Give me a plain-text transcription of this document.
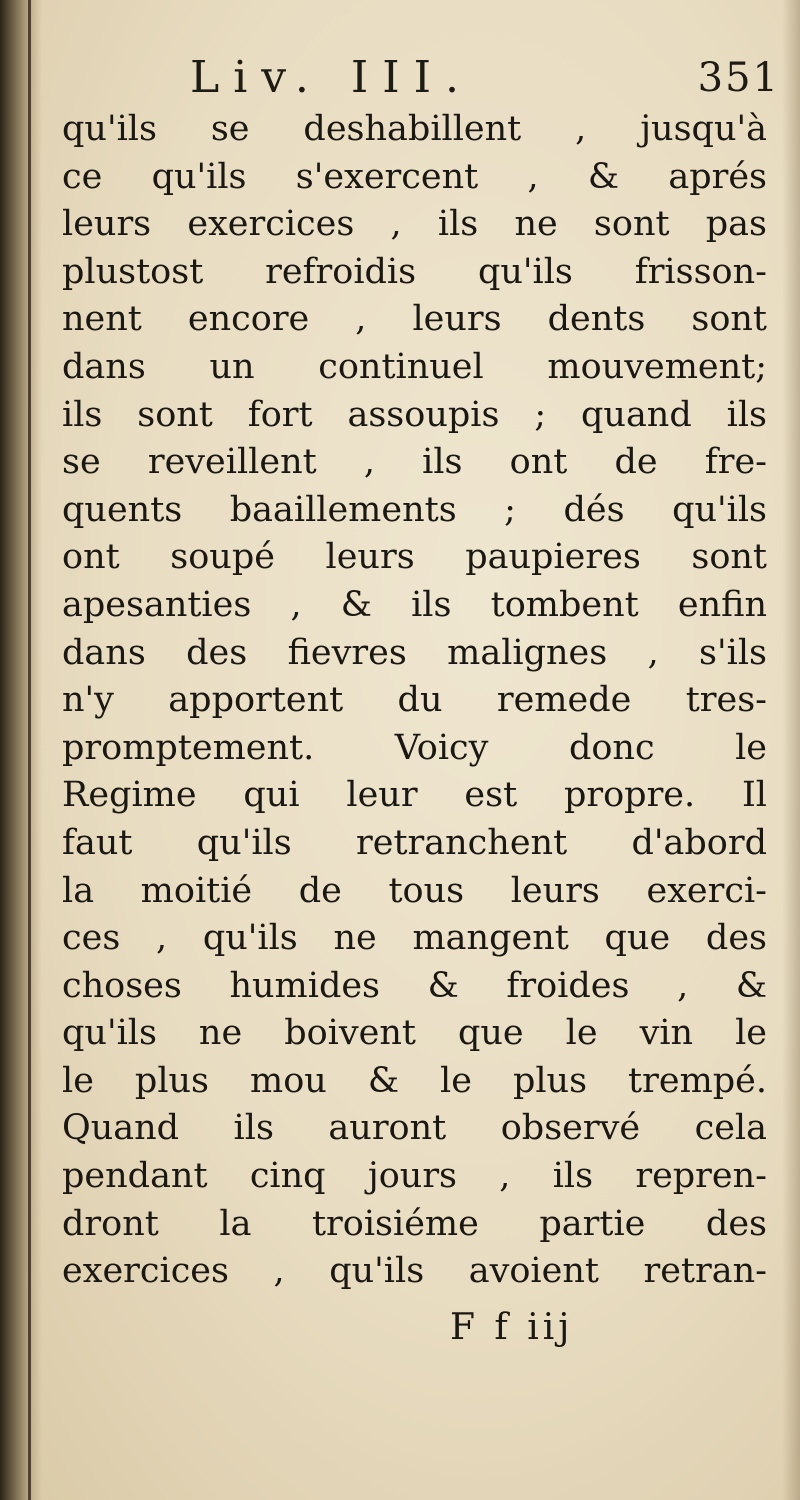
Liv. III.	351
qu'ils se deshabillent , jusqu'à
ce qu'ils s'exercent , & aprés
leurs exercices , ils ne sont pas
plustost refroidis qu'ils frisson-
nent encore , leurs dents sont
dans un continuel mouvement;
ils sont fort assoupis ; quand ils
se reveillent , ils ont de fre-
quents baaillements ; dés qu'ils
ont soupé leurs paupieres sont
apesanties , & ils tombent enfin
dans des fievres malignes , s'ils
n'y apportent du remede tres-
promptement. Voicy donc le
Regime qui leur est propre. Il
faut qu'ils retranchent d'abord
la moitié de tous leurs exerci-
ces , qu'ils ne mangent que des
choses humides & froides , &
qu'ils ne boivent que le vin le
le plus mou & le plus trempé.
Quand ils auront observé cela
pendant cinq jours , ils repren-
dront la troisiéme partie des
exercices , qu'ils avoient retran-
F f iij
